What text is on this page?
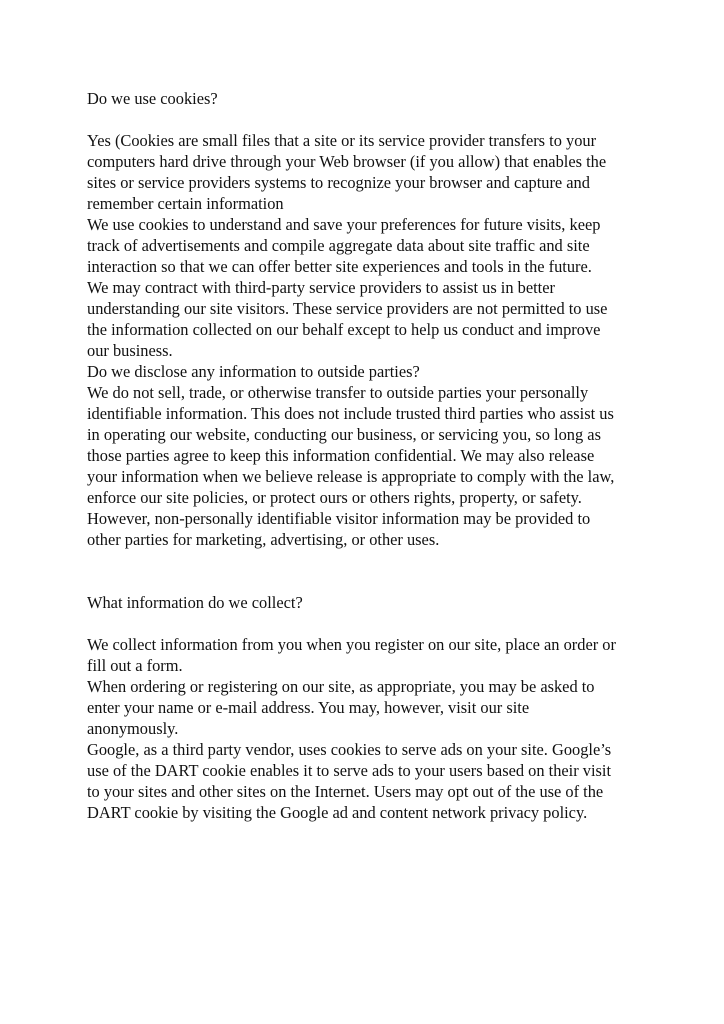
Do we use cookies?

Yes (Cookies are small files that a site or its service provider transfers to your
computers hard drive through your Web browser (if you allow) that enables the
sites or service providers systems to recognize your browser and capture and
remember certain information
We use cookies to understand and save your preferences for future visits, keep
track of advertisements and compile aggregate data about site traffic and site
interaction so that we can offer better site experiences and tools in the future.
We may contract with third-party service providers to assist us in better
understanding our site visitors. These service providers are not permitted to use
the information collected on our behalf except to help us conduct and improve
our business.
Do we disclose any information to outside parties?
We do not sell, trade, or otherwise transfer to outside parties your personally
identifiable information. This does not include trusted third parties who assist us
in operating our website, conducting our business, or servicing you, so long as
those parties agree to keep this information confidential. We may also release
your information when we believe release is appropriate to comply with the law,
enforce our site policies, or protect ours or others rights, property, or safety.
However, non-personally identifiable visitor information may be provided to
other parties for marketing, advertising, or other uses.

What information do we collect?

We collect information from you when you register on our site, place an order or
fill out a form.
When ordering or registering on our site, as appropriate, you may be asked to
enter your name or e-mail address. You may, however, visit our site
anonymously.
Google, as a third party vendor, uses cookies to serve ads on your site. Google’s
use of the DART cookie enables it to serve ads to your users based on their visit
to your sites and other sites on the Internet. Users may opt out of the use of the
DART cookie by visiting the Google ad and content network privacy policy.
